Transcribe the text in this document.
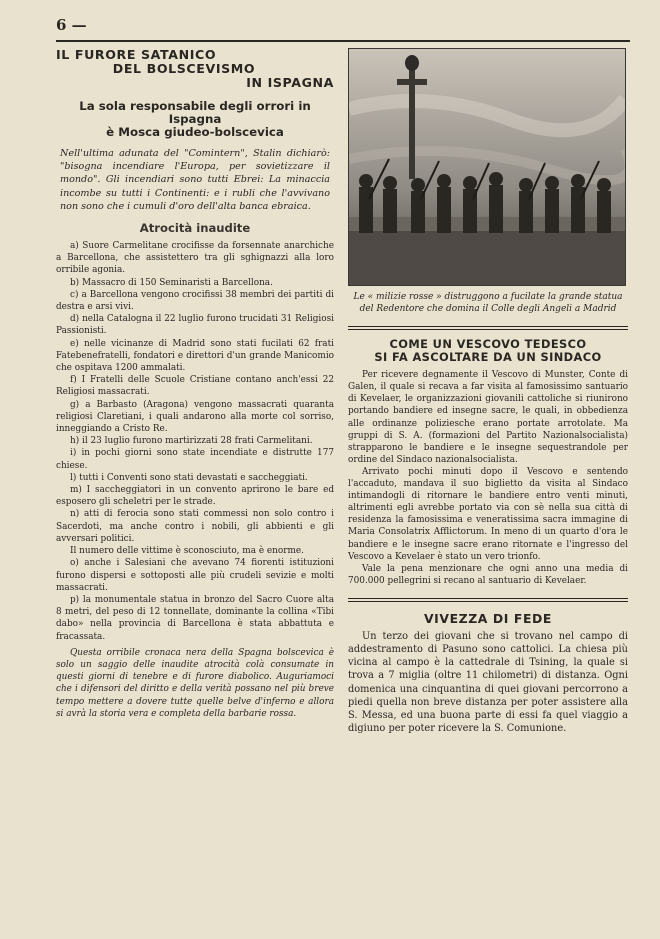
6 —
IL FURORE SATANICO
DEL BOLSCEVISMO
IN ISPAGNA
La sola responsabile degli orrori in Ispagna
è Mosca giudeo-bolscevica

Nell'ultima adunata del "Comintern", Stalin dichiarò: "bisogna incendiare l'Europa, per sovietizzare il mondo". Gli incendiari sono tutti Ebrei: La minaccia incombe su tutti i Continenti: e i rubli che l'avvivano non sono che i cumuli d'oro dell'alta banca ebraica.

Atrocità inaudite

a) Suore Carmelitane crocifisse da forsennate anarchiche a Barcellona, che assistettero tra gli sghignazzi alla loro orribile agonia.

b) Massacro di 150 Seminaristi a Barcellona.

c) a Barcellona vengono crocifissi 38 membri dei partiti di destra e arsi vivi.

d) nella Catalogna il 22 luglio furono trucidati 31 Religiosi Passionisti.

e) nelle vicinanze di Madrid sono stati fucilati 62 frati Fatebenefratelli, fondatori e direttori d'un grande Manicomio che ospitava 1200 ammalati.

f) I Fratelli delle Scuole Cristiane contano anch'essi 22 Religiosi massacrati.

g) a Barbasto (Aragona) vengono massacrati quaranta religiosi Claretiani, i quali andarono alla morte col sorriso, inneggiando a Cristo Re.

h) il 23 luglio furono martirizzati 28 frati Carmelitani.

i) in pochi giorni sono state incendiate e distrutte 177 chiese.

l) tutti i Conventi sono stati devastati e saccheggiati.

m) I saccheggiatori in un convento aprirono le bare ed esposero gli scheletri per le strade.

n) atti di ferocia sono stati commessi non solo contro i Sacerdoti, ma anche contro i nobili, gli abbienti e gli avversari politici.

Il numero delle vittime è sconosciuto, ma è enorme.

o) anche i Salesiani che avevano 74 fiorenti istituzioni furono dispersi e sottoposti alle più crudeli sevizie e molti massacrati.

p) la monumentale statua in bronzo del Sacro Cuore alta 8 metri, del peso di 12 tonnellate, dominante la collina «Tibi dabo» nella provincia di Barcellona è stata abbattuta e fracassata.

Questa orribile cronaca nera della Spagna bolscevica è solo un saggio delle inaudite atrocità colà consumate in questi giorni di tenebre e di furore diabolico. Auguriamoci che i difensori del diritto e della verità possano nel più breve tempo mettere a dovere tutte quelle belve d'inferno e allora si avrà la storia vera e completa della barbarie rossa.

Le « milizie rosse » distruggono a fucilate la grande statua del Redentore che domina il Colle degli Angeli a Madrid
COME UN VESCOVO TEDESCO
SI FA ASCOLTARE DA UN SINDACO

Per ricevere degnamente il Vescovo di Munster, Conte di Galen, il quale si recava a far visita al famosissimo santuario di Kevelaer, le organizzazioni giovanili cattoliche si riunirono portando bandiere ed insegne sacre, le quali, in obbedienza alle ordinanze poliziesche erano portate arrotolate. Ma gruppi di S. A. (formazioni del Partito Nazionalsocialista) strapparono le bandiere e le insegne sequestrandole per ordine del Sindaco nazionalsocialista.

Arrivato pochi minuti dopo il Vescovo e sentendo l'accaduto, mandava il suo biglietto da visita al Sindaco intimandogli di ritornare le bandiere entro venti minuti, altrimenti egli avrebbe portato via con sè nella sua città di residenza la famosissima e veneratissima sacra immagine di Maria Consolatrix Afflictorum. In meno di un quarto d'ora le bandiere e le insegne sacre erano ritornate e l'ingresso del Vescovo a Kevelaer è stato un vero trionfo.

Vale la pena menzionare che ogni anno una media di 700.000 pellegrini si recano al santuario di Kevelaer.

VIVEZZA DI FEDE

Un terzo dei giovani che si trovano nel campo di addestramento di Pasuno sono cattolici. La chiesa più vicina al campo è la cattedrale di Tsining, la quale si trova a 7 miglia (oltre 11 chilometri) di distanza. Ogni domenica una cinquantina di quei giovani percorrono a piedi quella non breve distanza per poter assistere alla S. Messa, ed una buona parte di essi fa quel viaggio a digiuno per poter ricevere la S. Comunione.
